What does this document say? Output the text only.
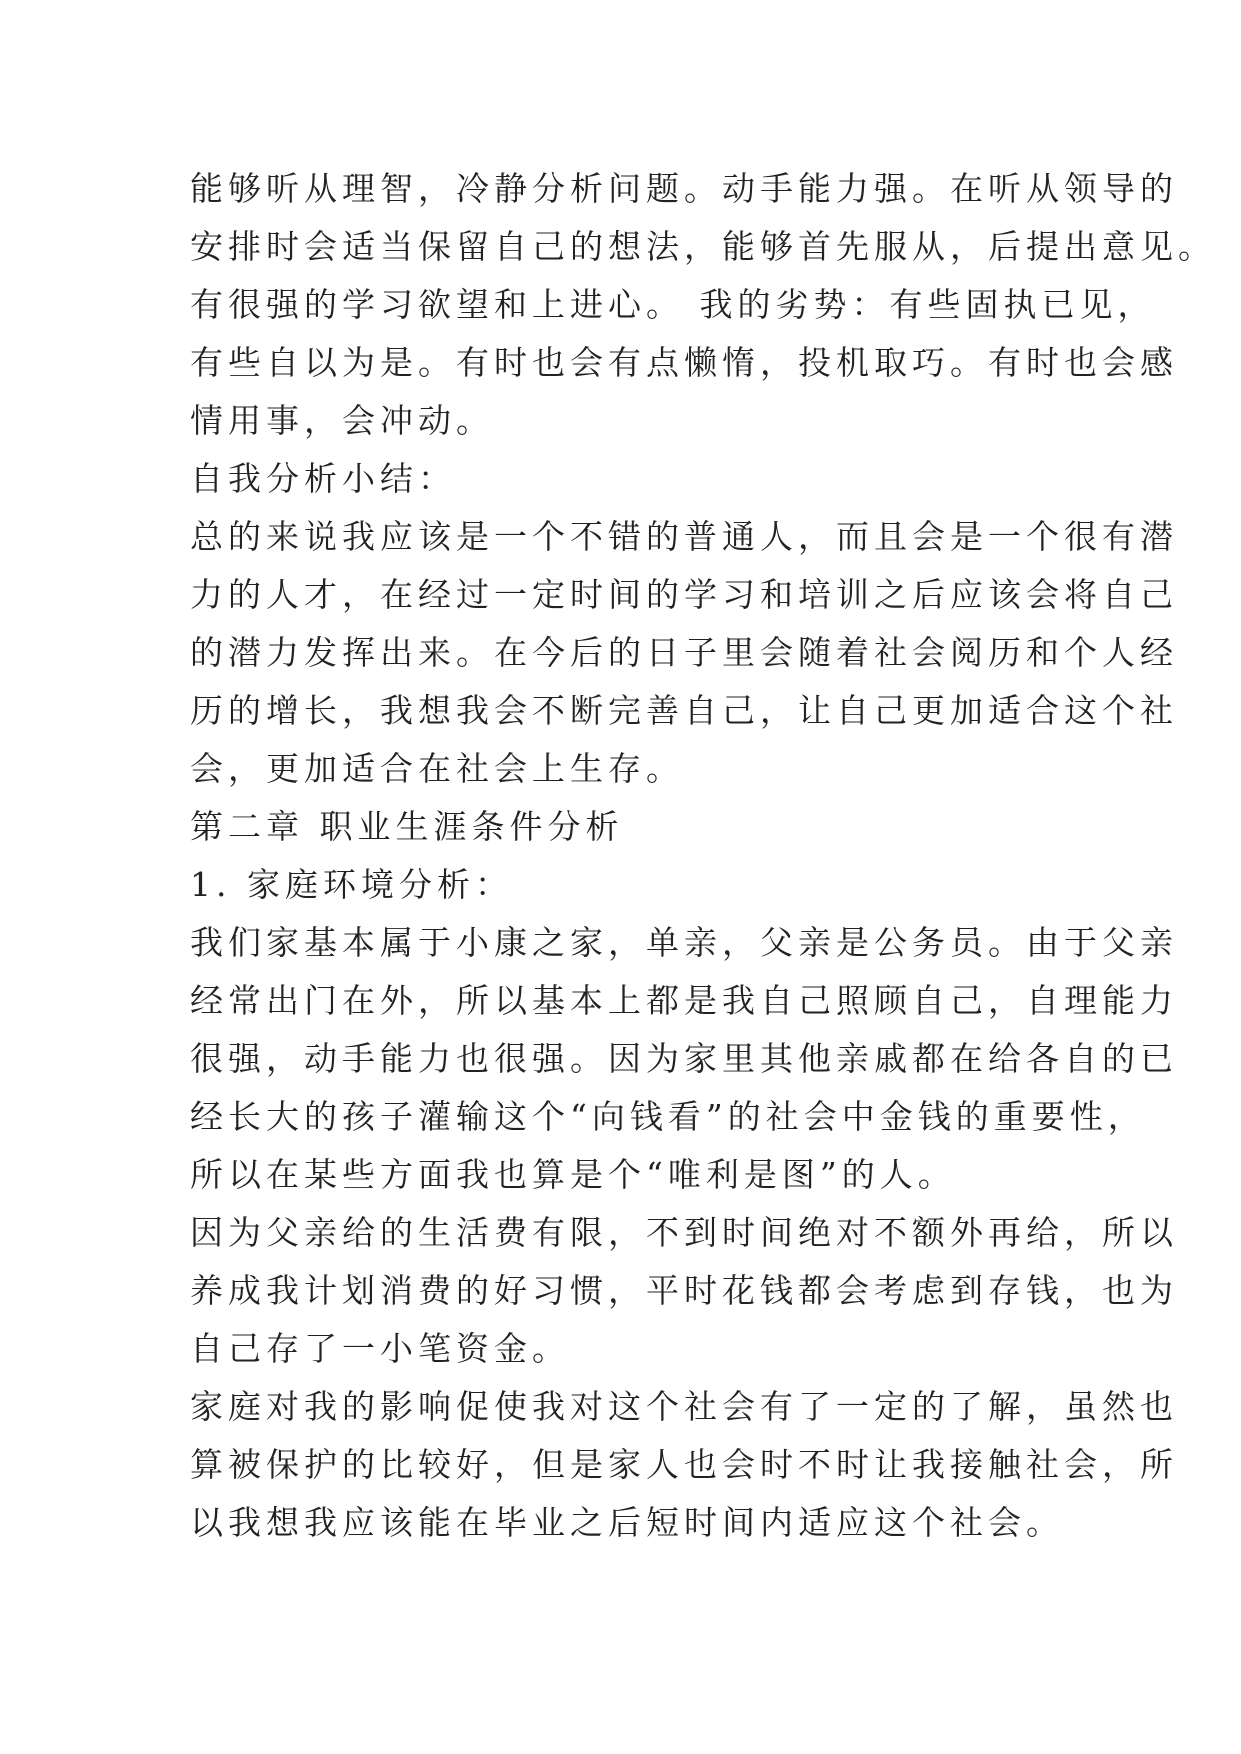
能够听从理智，冷静分析问题。动手能力强。在听从领导的

安排时会适当保留自己的想法，能够首先服从，后提出意见。

有很强的学习欲望和上进心。 我的劣势：有些固执已见，

有些自以为是。有时也会有点懒惰，投机取巧。有时也会感

情用事，会冲动。

自我分析小结：

总的来说我应该是一个不错的普通人，而且会是一个很有潜

力的人才，在经过一定时间的学习和培训之后应该会将自己

的潜力发挥出来。在今后的日子里会随着社会阅历和个人经

历的增长，我想我会不断完善自己，让自己更加适合这个社

会，更加适合在社会上生存。

第二章 职业生涯条件分析

1. 家庭环境分析：

我们家基本属于小康之家，单亲，父亲是公务员。由于父亲

经常出门在外，所以基本上都是我自己照顾自己，自理能力

很强，动手能力也很强。因为家里其他亲戚都在给各自的已

经长大的孩子灌输这个“向钱看”的社会中金钱的重要性，

所以在某些方面我也算是个“唯利是图”的人。

因为父亲给的生活费有限，不到时间绝对不额外再给，所以

养成我计划消费的好习惯，平时花钱都会考虑到存钱，也为

自己存了一小笔资金。

家庭对我的影响促使我对这个社会有了一定的了解，虽然也

算被保护的比较好，但是家人也会时不时让我接触社会，所

以我想我应该能在毕业之后短时间内适应这个社会。
